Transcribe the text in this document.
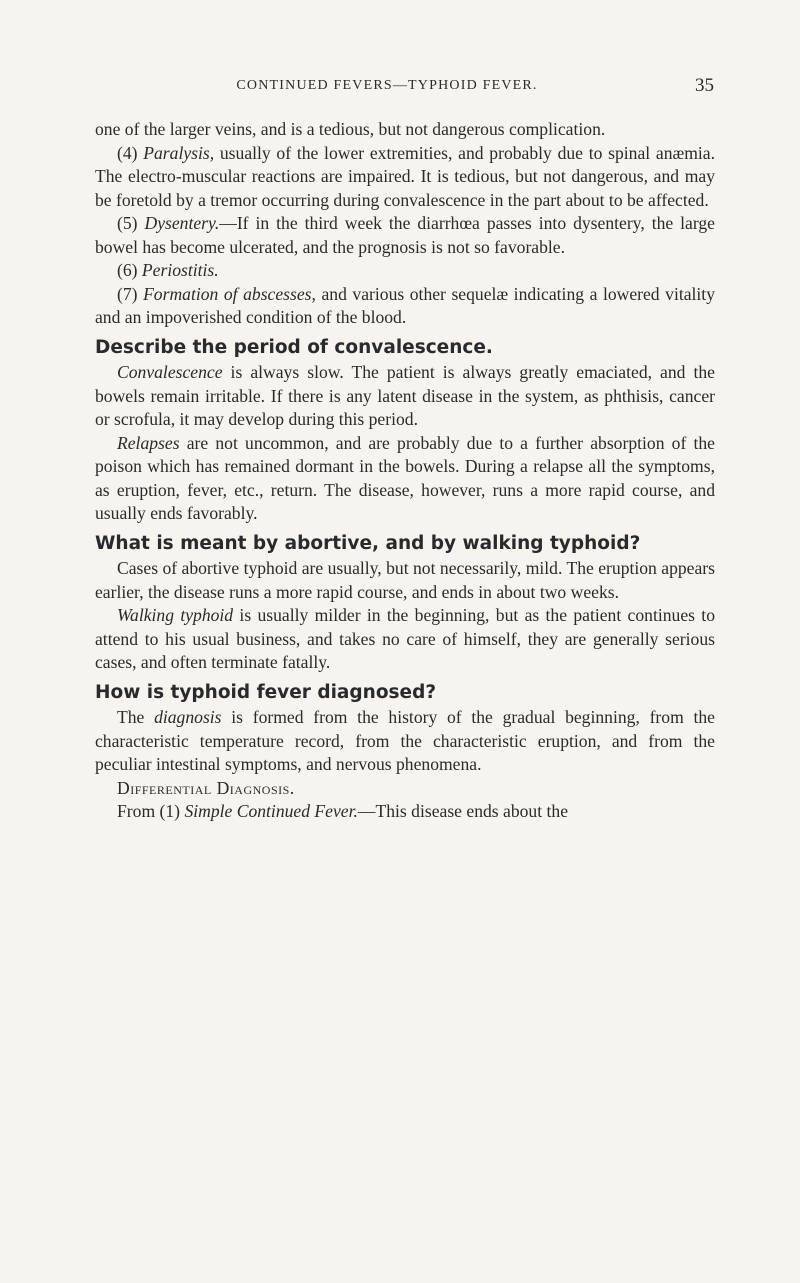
CONTINUED FEVERS—TYPHOID FEVER.	35

one of the larger veins, and is a tedious, but not dangerous complication.

(4) Paralysis, usually of the lower extremities, and probably due to spinal anæmia. The electro-muscular reactions are impaired. It is tedious, but not dangerous, and may be foretold by a tremor occurring during convalescence in the part about to be affected.

(5) Dysentery.—If in the third week the diarrhœa passes into dysentery, the large bowel has become ulcerated, and the prognosis is not so favorable.

(6) Periostitis.

(7) Formation of abscesses, and various other sequelæ indicating a lowered vitality and an impoverished condition of the blood.

Describe the period of convalescence.

Convalescence is always slow. The patient is always greatly emaciated, and the bowels remain irritable. If there is any latent disease in the system, as phthisis, cancer or scrofula, it may develop during this period.

Relapses are not uncommon, and are probably due to a further absorption of the poison which has remained dormant in the bowels. During a relapse all the symptoms, as eruption, fever, etc., return. The disease, however, runs a more rapid course, and usually ends favorably.

What is meant by abortive, and by walking typhoid?

Cases of abortive typhoid are usually, but not necessarily, mild. The eruption appears earlier, the disease runs a more rapid course, and ends in about two weeks.

Walking typhoid is usually milder in the beginning, but as the patient continues to attend to his usual business, and takes no care of himself, they are generally serious cases, and often terminate fatally.

How is typhoid fever diagnosed?

The diagnosis is formed from the history of the gradual beginning, from the characteristic temperature record, from the characteristic eruption, and from the peculiar intestinal symptoms, and nervous phenomena.

Differential Diagnosis.

From (1) Simple Continued Fever.—This disease ends about the
